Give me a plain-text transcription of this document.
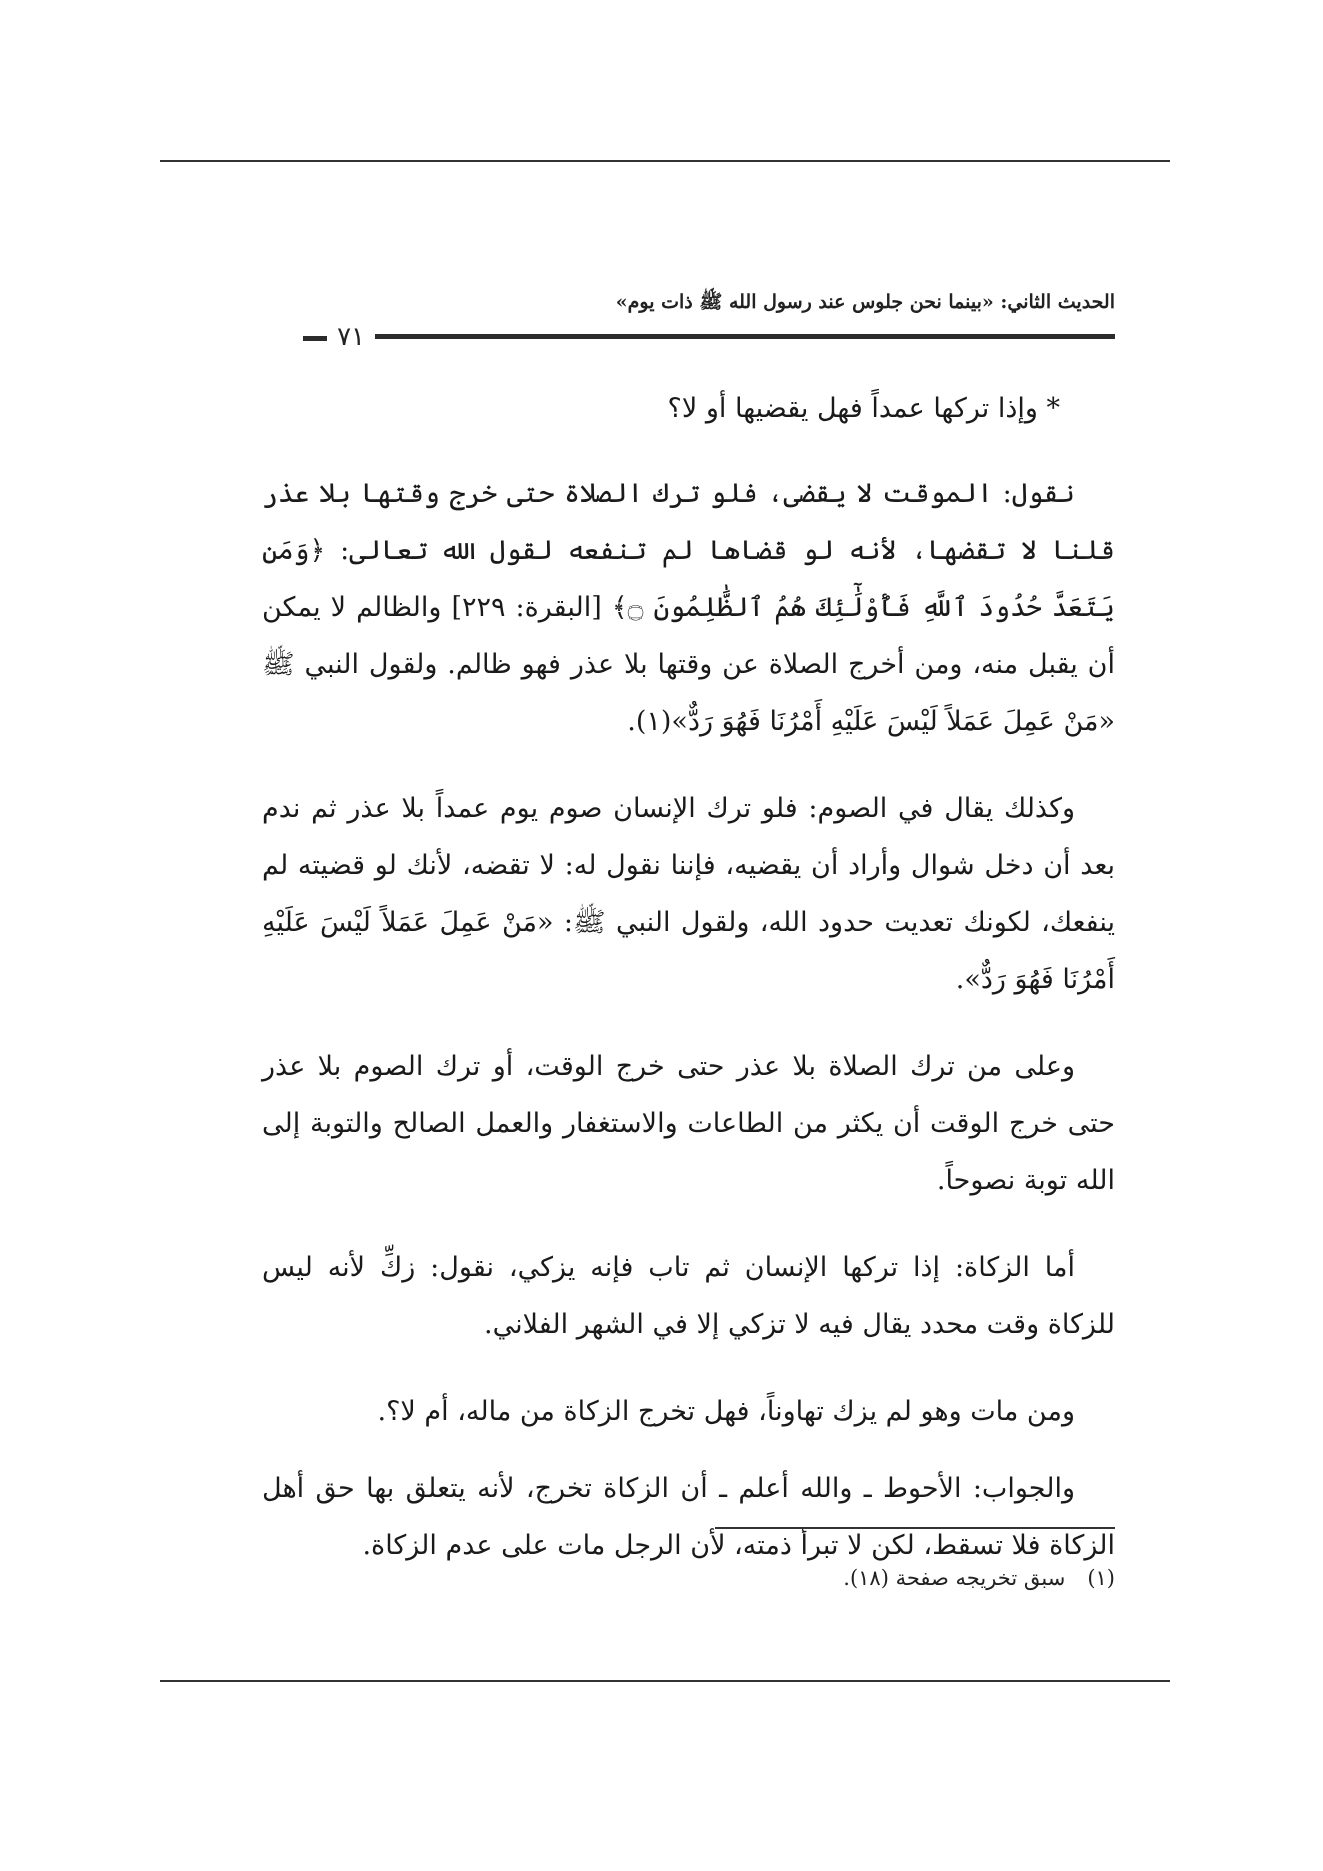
الحديث الثاني: «بينما نحن جلوس عند رسول الله ﷺ ذات يوم»
٧١

* وإذا تركها عمداً فهل يقضيها أو لا؟

نقول: الموقت لا يقضى، فلو ترك الصلاة حتى خرج وقتها بلا عذر قلنا لا تقضها، لأنه لو قضاها لم تنفعه لقول الله تعالى: ﴿وَمَن يَتَعَدَّ حُدُودَ ٱللَّهِ فَأُوْلَٰٓئِكَ هُمُ ٱلظَّٰلِمُونَ ۝﴾ [البقرة: ٢٢٩] والظالم لا يمكن أن يقبل منه، ومن أخرج الصلاة عن وقتها بلا عذر فهو ظالم. ولقول النبي ﷺ «مَنْ عَمِلَ عَمَلاً لَيْسَ عَلَيْهِ أَمْرُنَا فَهُوَ رَدٌّ»(١).

وكذلك يقال في الصوم: فلو ترك الإنسان صوم يوم عمداً بلا عذر ثم ندم بعد أن دخل شوال وأراد أن يقضيه، فإننا نقول له: لا تقضه، لأنك لو قضيته لم ينفعك، لكونك تعديت حدود الله، ولقول النبي ﷺ: «مَنْ عَمِلَ عَمَلاً لَيْسَ عَلَيْهِ أَمْرُنَا فَهُوَ رَدٌّ».

وعلى من ترك الصلاة بلا عذر حتى خرج الوقت، أو ترك الصوم بلا عذر حتى خرج الوقت أن يكثر من الطاعات والاستغفار والعمل الصالح والتوبة إلى الله توبة نصوحاً.

أما الزكاة: إذا تركها الإنسان ثم تاب فإنه يزكي، نقول: زكِّ لأنه ليس للزكاة وقت محدد يقال فيه لا تزكي إلا في الشهر الفلاني.

ومن مات وهو لم يزك تهاوناً، فهل تخرج الزكاة من ماله، أم لا؟.

والجواب: الأحوط ـ والله أعلم ـ أن الزكاة تخرج، لأنه يتعلق بها حق أهل الزكاة فلا تسقط، لكن لا تبرأ ذمته، لأن الرجل مات على عدم الزكاة.

(١)سبق تخريجه صفحة (١٨).
